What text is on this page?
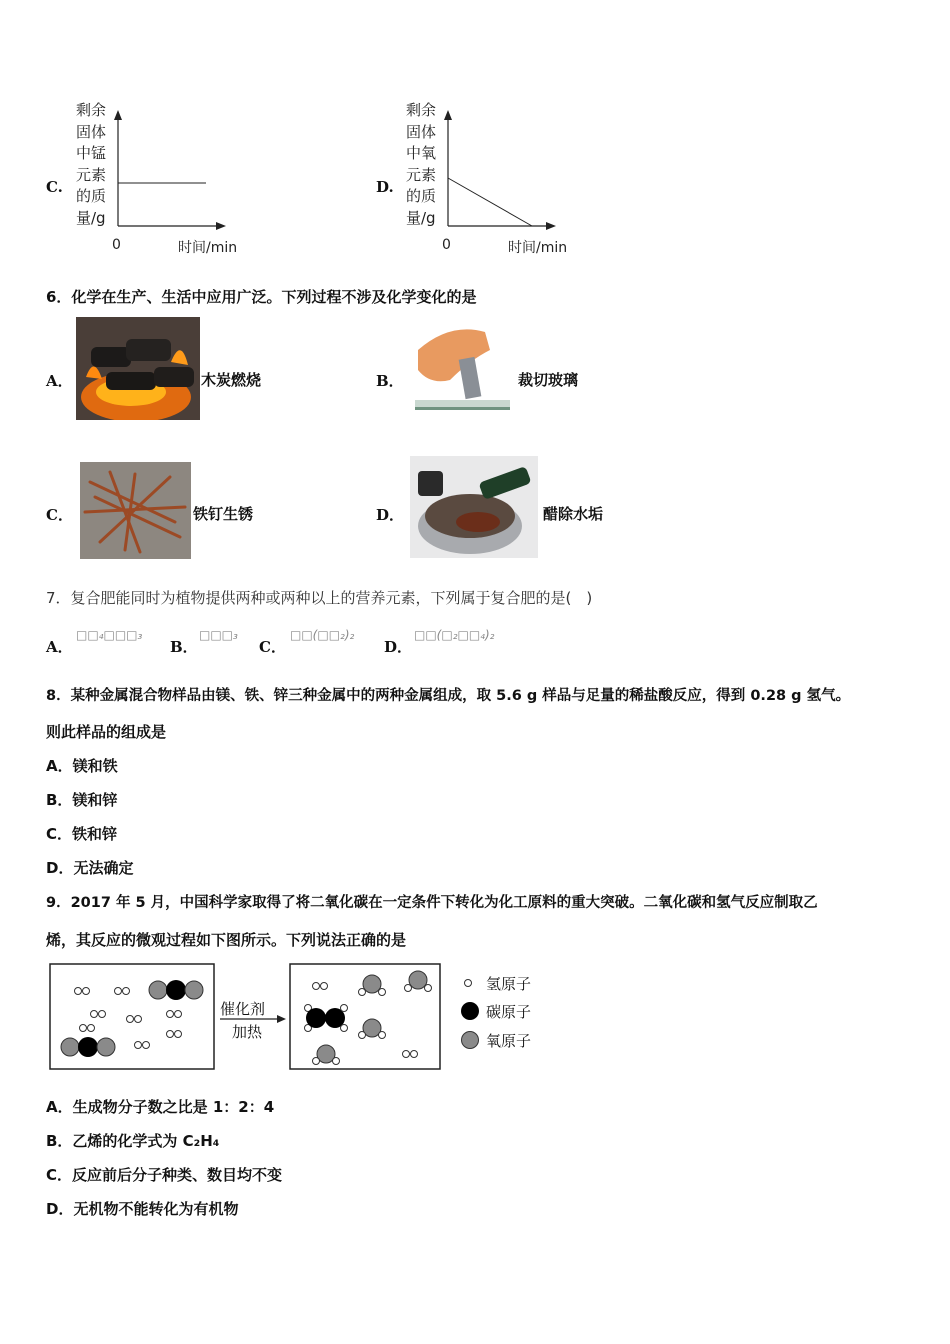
C.
剩余
固体
中锰
元素
的质
量/g
0	时间/min
D.
剩余
固体
中氧
元素
的质
量/g
0	时间/min
6．化学在生产、生活中应用广泛。下列过程不涉及化学变化的是
A．	木炭燃烧	B．	裁切玻璃
C．	铁钉生锈	D．	醋除水垢
7．复合肥能同时为植物提供两种或两种以上的营养元素，下列属于复合肥的是(　)
A．
□□₄□□□₃
B．
□□□₃
C．
□□(□□₂)₂
D．
□□(□₂□□₄)₂
8．某种金属混合物样品由镁、铁、锌三种金属中的两种金属组成，取 5.6 g 样品与足量的稀盐酸反应，得到 0.28 g 氢气。
则此样品的组成是
A．镁和铁
B．镁和锌
C．铁和锌
D．无法确定
9．2017 年 5 月，中国科学家取得了将二氧化碳在一定条件下转化为化工原料的重大突破。二氧化碳和氢气反应制取乙
烯，其反应的微观过程如下图所示。下列说法正确的是
催化剂
加热
氢原子
碳原子
氧原子
A．生成物分子数之比是 1：2：4
B．乙烯的化学式为 C₂H₄
C．反应前后分子种类、数目均不变
D．无机物不能转化为有机物
